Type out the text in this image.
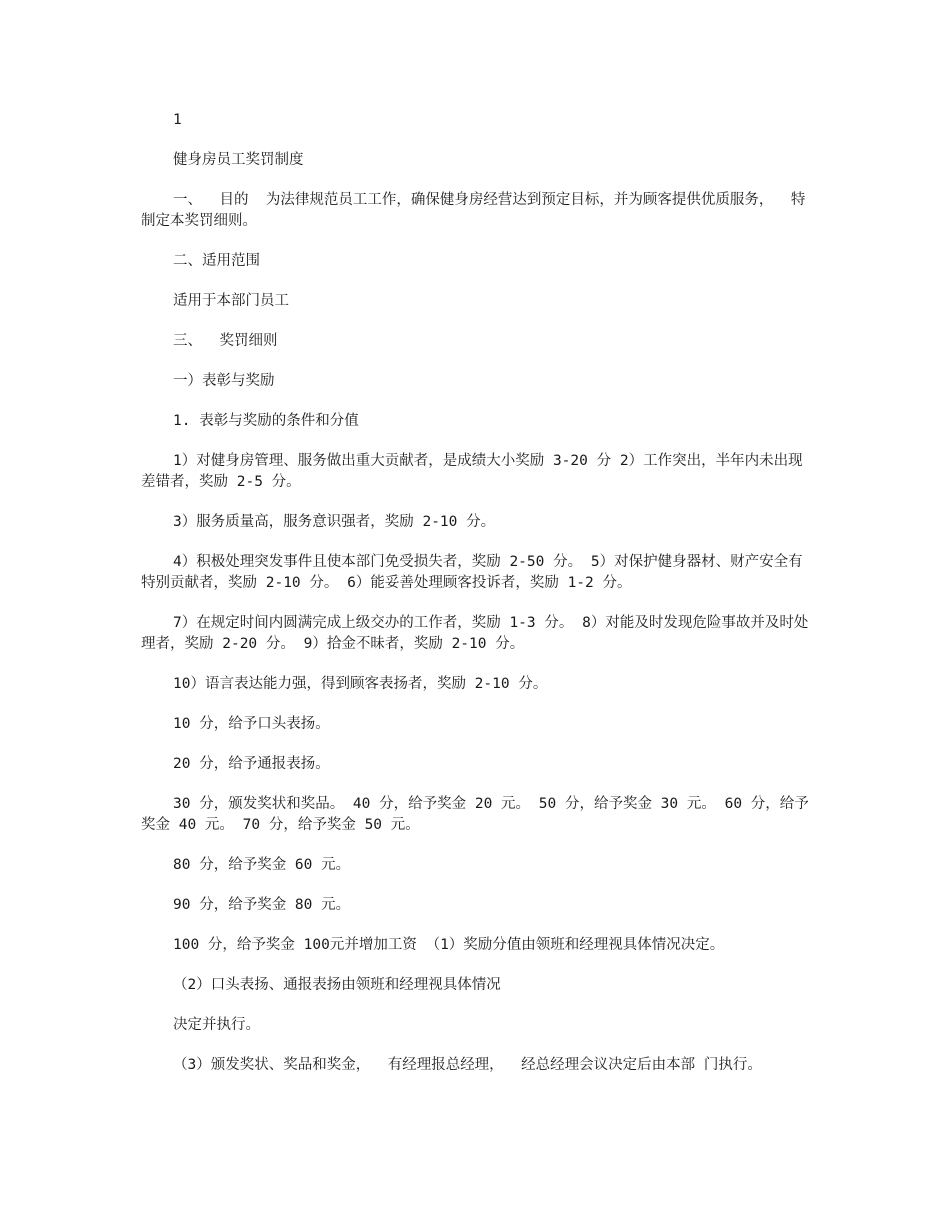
1
健身房员工奖罚制度
一、  目的  为法律规范员工工作，确保健身房经营达到预定目标，并为顾客提供优质服务，  特制定本奖罚细则。
二、适用范围
适用于本部门员工
三、  奖罚细则
一）表彰与奖励
1. 表彰与奖励的条件和分值
1）对健身房管理、服务做出重大贡献者，是成绩大小奖励 3-20 分 2）工作突出，半年内未出现差错者，奖励 2-5 分。
3）服务质量高，服务意识强者，奖励 2-10 分。
4）积极处理突发事件且使本部门免受损失者，奖励 2-50 分。 5）对保护健身器材、财产安全有特别贡献者，奖励 2-10 分。 6）能妥善处理顾客投诉者，奖励 1-2 分。
7）在规定时间内圆满完成上级交办的工作者，奖励 1-3 分。 8）对能及时发现危险事故并及时处理者，奖励 2-20 分。 9）拾金不昧者，奖励 2-10 分。
10）语言表达能力强，得到顾客表扬者，奖励 2-10 分。
10 分，给予口头表扬。
20 分，给予通报表扬。
30 分，颁发奖状和奖品。 40 分，给予奖金 20 元。 50 分，给予奖金 30 元。 60 分，给予奖金 40 元。 70 分，给予奖金 50 元。
80 分，给予奖金 60 元。
90 分，给予奖金 80 元。
100 分，给予奖金 100元并增加工资 （1）奖励分值由领班和经理视具体情况决定。
（2）口头表扬、通报表扬由领班和经理视具体情况
决定并执行。
（3）颁发奖状、奖品和奖金，  有经理报总经理，  经总经理会议决定后由本部 门执行。
